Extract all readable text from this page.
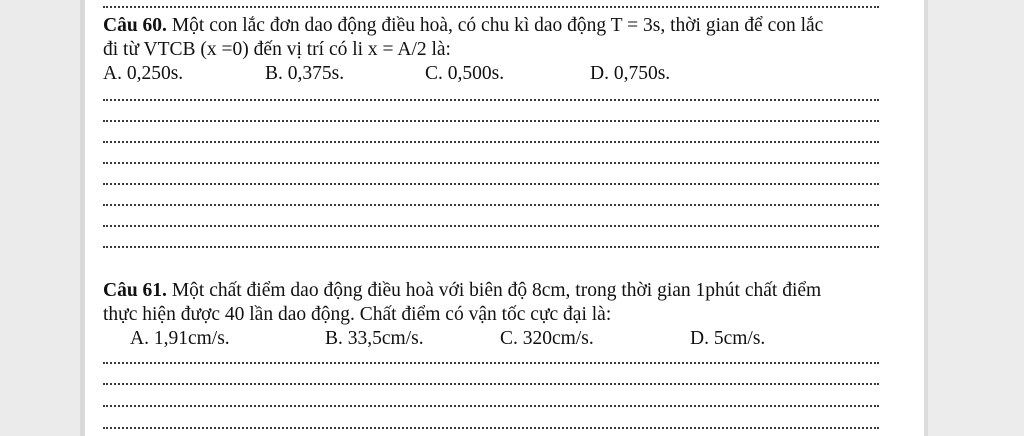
Câu 60. Một con lắc đơn dao động điều hoà, có chu kì dao động T = 3s, thời gian để con lắc
đi từ VTCB (x =0) đến vị trí có li x = A/2 là:
A. 0,250s.	B. 0,375s.	C. 0,500s.	D. 0,750s.
Câu 61. Một chất điểm dao động điều hoà với biên độ 8cm, trong thời gian 1phút chất điểm
thực hiện được 40 lần dao động. Chất điểm có vận tốc cực đại là:
A. 1,91cm/s.	B. 33,5cm/s.	C. 320cm/s.	D. 5cm/s.
